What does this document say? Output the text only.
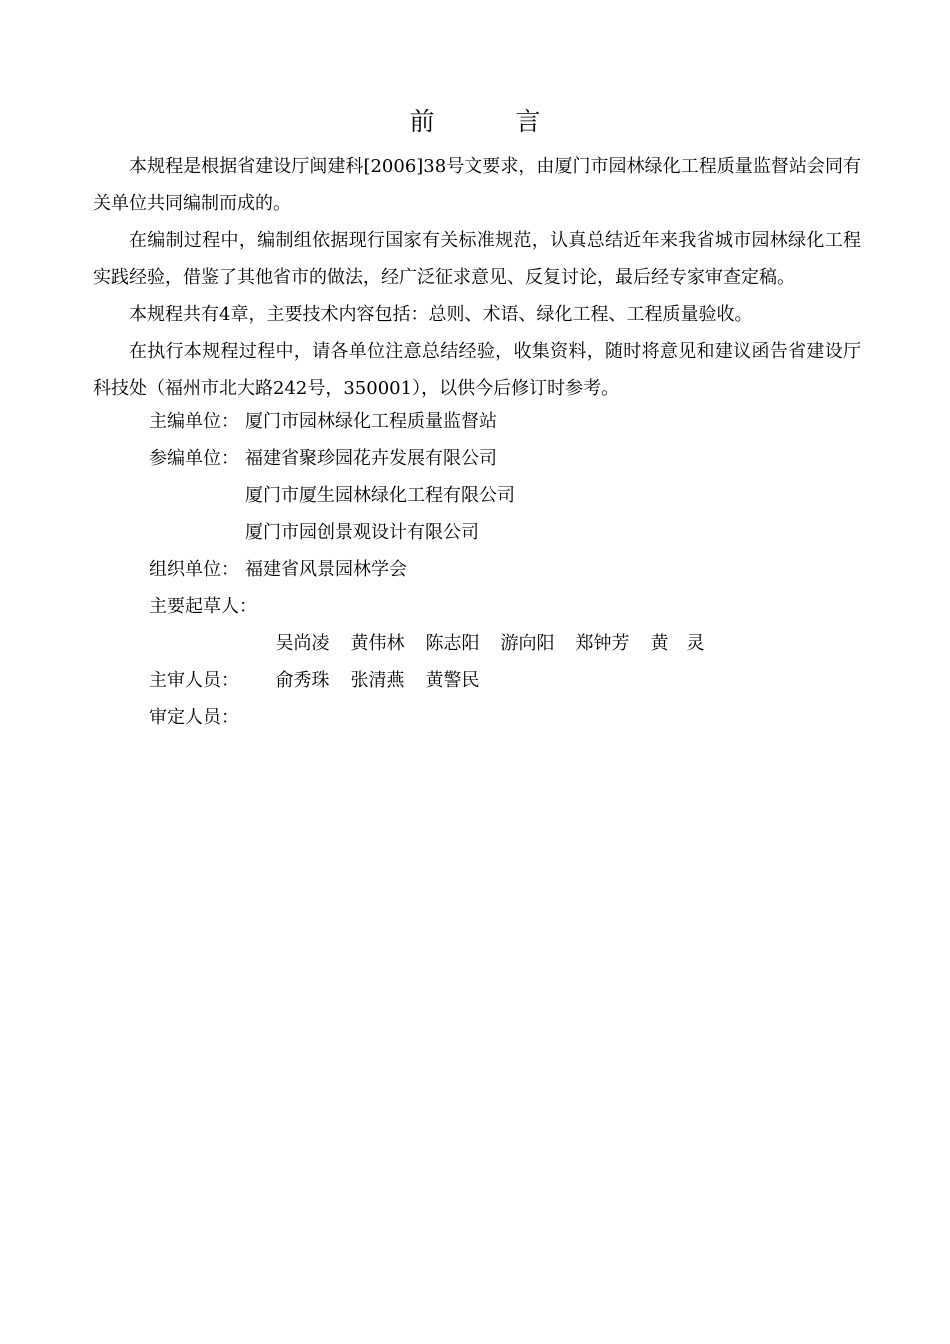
前　言

本规程是根据省建设厅闽建科[2006]38号文要求，由厦门市园林绿化工程质量监督站会同有关单位共同编制而成的。

在编制过程中，编制组依据现行国家有关标准规范，认真总结近年来我省城市园林绿化工程实践经验，借鉴了其他省市的做法，经广泛征求意见、反复讨论，最后经专家审查定稿。

本规程共有4章，主要技术内容包括：总则、术语、绿化工程、工程质量验收。

在执行本规程过程中，请各单位注意总结经验，收集资料，随时将意见和建议函告省建设厅科技处（福州市北大路242号，350001），以供今后修订时参考。

主编单位： 厦门市园林绿化工程质量监督站
参编单位： 福建省聚珍园花卉发展有限公司
厦门市厦生园林绿化工程有限公司
厦门市园创景观设计有限公司
组织单位： 福建省风景园林学会
主要起草人：

吴尚凌 黄伟林 陈志阳 游向阳 郑钟芳 黄　灵

俞秀珠 张清燕 黄警民

主审人员：
审定人员：
